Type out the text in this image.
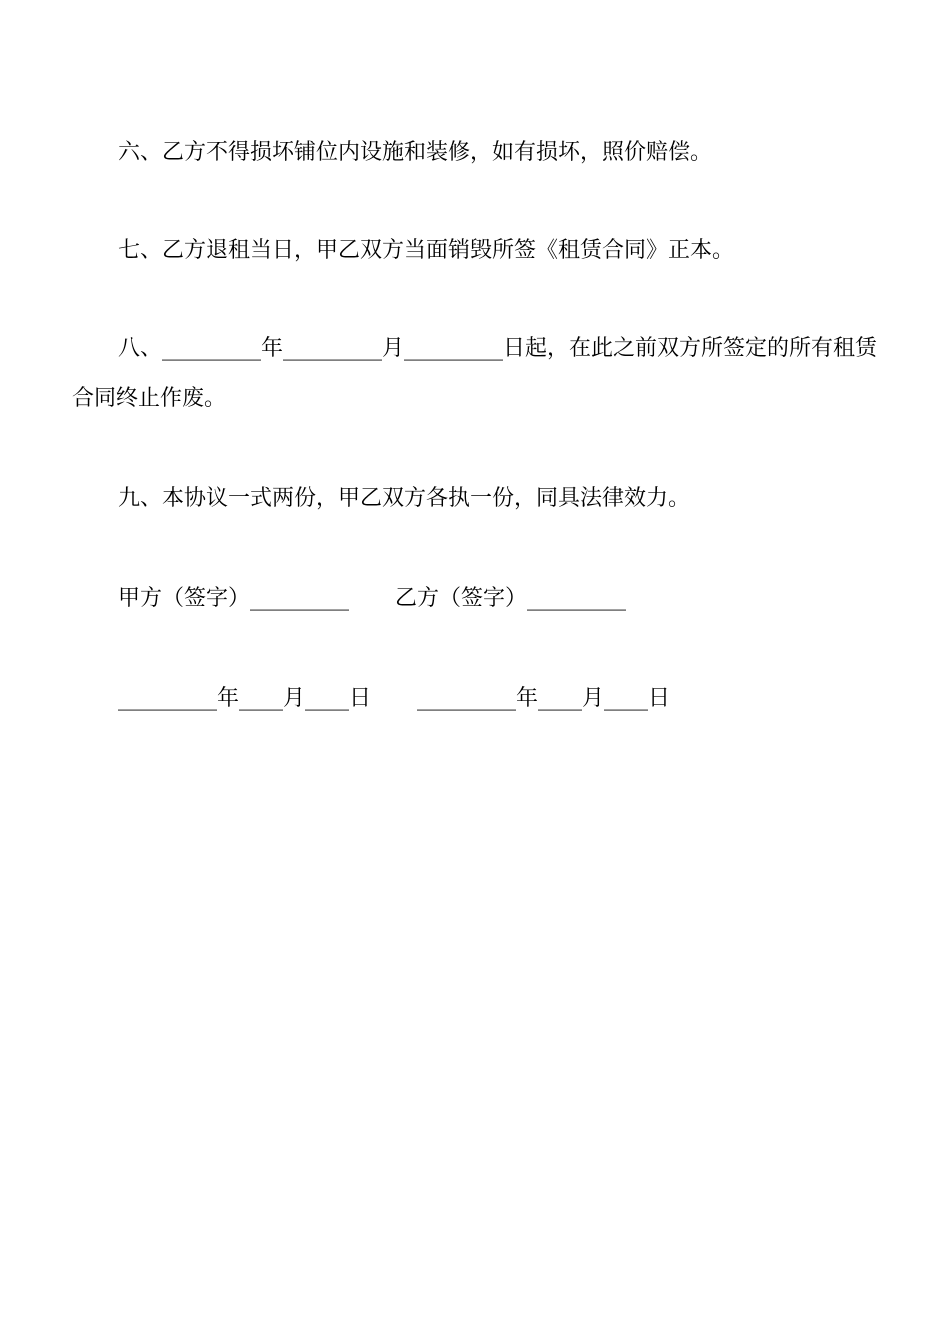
六、乙方不得损坏铺位内设施和装修，如有损坏，照价赔偿。

七、乙方退租当日，甲乙双方当面销毁所签《租赁合同》正本。

八、_________年_________月_________日起，在此之前双方所签定的所有租赁合同终止作废。

九、本协议一式两份，甲乙双方各执一份，同具法律效力。

甲方（签字）_________ 乙方（签字）_________
_________年____月____日 _________年____月____日
